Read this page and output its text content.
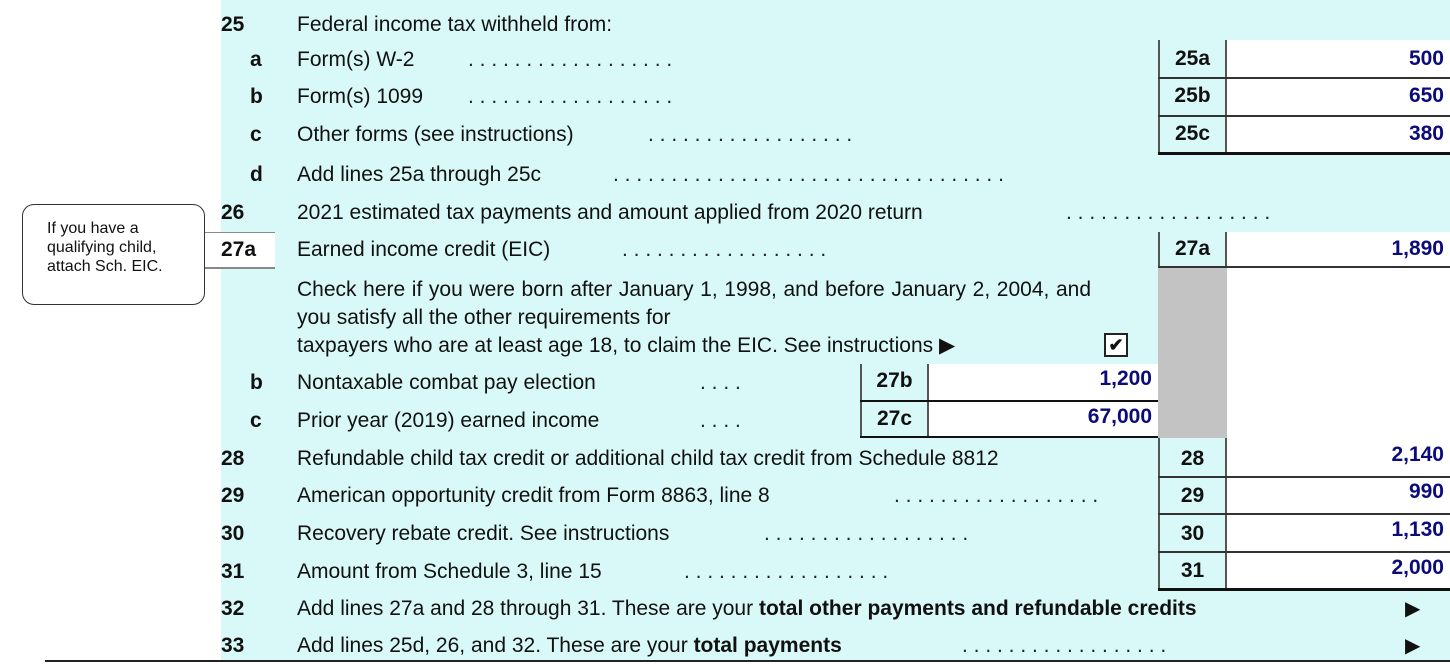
If you have a
qualifying child,
attach Sch. EIC.
25	Federal income tax withheld from:
a Form(s) W-2	. . . . . . . . . . . . . . . . . .	25a	500
b Form(s) 1099 . . . . . . . . . . . . . . . . . .	25b	650
c Other forms (see instructions)	. . . . . . . . . . . . . . . . . .	25c	380
d Add lines 25a through 25c	. . . . . . . . . . . . . . . . . . . . . . . . . . . . . . . . . .
26	2021 estimated tax payments and amount applied from 2020 return	. . . . . . . . . . . . . . . . . .
27a Earned income credit (EIC)	. . . . . . . . . . . . . . . . . .	27a	1,890
Check here if you were born after January 1, 1998, and before January 2, 2004, and you satisfy all the other requirements for
taxpayers who are at least age 18, to claim the EIC. See instructions ▶	✔
b Nontaxable combat pay election	. . . .	27b	1,200
c Prior year (2019) earned income	. . . .	27c	67,000
28	Refundable child tax credit or additional child tax credit from Schedule 8812	28	2,140
29	American opportunity credit from Form 8863, line 8	. . . . . . . . . . . . . . . . . .	29	990
30	Recovery rebate credit. See instructions	. . . . . . . . . . . . . . . . . .	30	1,130
31	Amount from Schedule 3, line 15	. . . . . . . . . . . . . . . . . .	31	2,000
32	Add lines 27a and 28 through 31. These are your total other payments and refundable credits	▶
33	Add lines 25d, 26, and 32. These are your total payments	. . . . . . . . . . . . . . . . . .	▶
